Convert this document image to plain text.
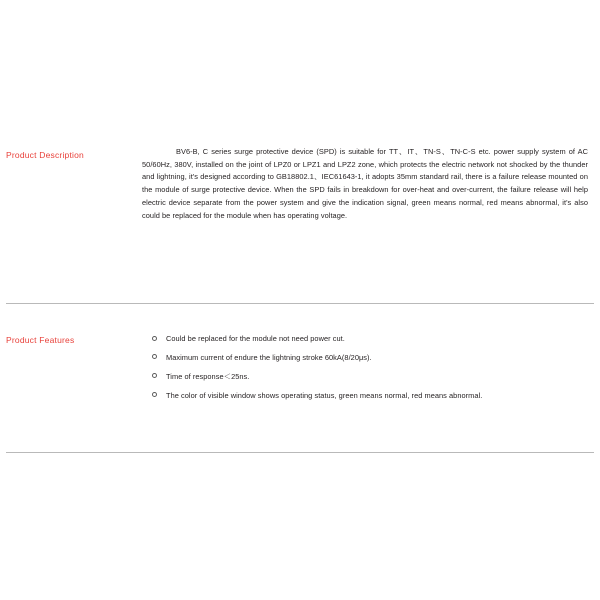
Product Description	BV6-B, C series surge protective device (SPD) is suitable for TT、IT、TN-S、TN-C-S etc. power supply system of AC 50/60Hz, 380V, installed on the joint of LPZ0 or LPZ1 and LPZ2 zone, which protects the electric network not shocked by the thunder and lightning, it's designed according to GB18802.1、IEC61643-1, it adopts 35mm standard rail, there is a failure release mounted on the module of surge protective device. When the SPD fails in breakdown for over-heat and over-current, the failure release will help electric device separate from the power system and give the indication signal, green means normal, red means abnormal, it's also could be replaced for the module when has operating voltage.
Product Features	Could be replaced for the module not need power cut.
Maximum current of endure the lightning stroke 60kA(8/20μs).
Time of response＜25ns.
The color of visible window shows operating status, green means normal, red means abnormal.
